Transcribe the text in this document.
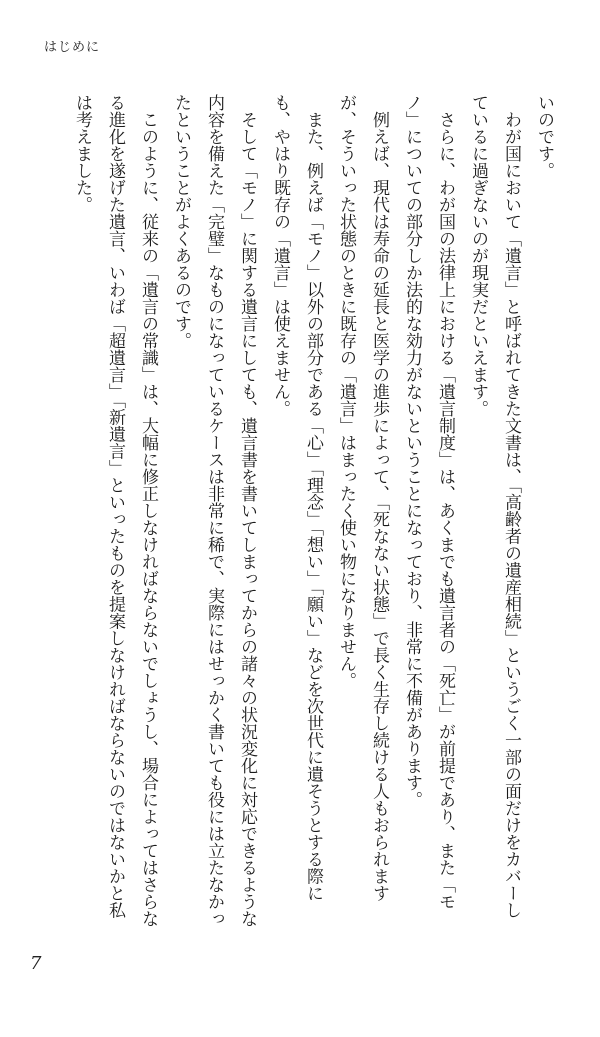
はじめに

いのです。

わが国において「遺言」と呼ばれてきた文書は、「高齢者の遺産相続」というごく一部の面だけをカバーしているに過ぎないのが現実だといえます。

さらに、わが国の法律上における「遺言制度」は、あくまでも遺言者の「死亡」が前提であり、また「モノ」についての部分しか法的な効力がないということになっており、非常に不備があります。

例えば、現代は寿命の延長と医学の進歩によって、「死なない状態」で長く生存し続ける人もおられますが、そういった状態のときに既存の「遺言」はまったく使い物になりません。

また、例えば「モノ」以外の部分である「心」「理念」「想い」「願い」などを次世代に遺そうとする際にも、やはり既存の「遺言」は使えません。

そして「モノ」に関する遺言にしても、遺言書を書いてしまってからの諸々の状況変化に対応できるような内容を備えた「完璧」なものになっているケースは非常に稀で、実際にはせっかく書いても役には立たなかったということがよくあるのです。

このように、従来の「遺言の常識」は、大幅に修正しなければならないでしょうし、場合によってはさらなる進化を遂げた遺言、いわば「超遺言」「新遺言」といったものを提案しなければならないのではないかと私は考えました。

7
